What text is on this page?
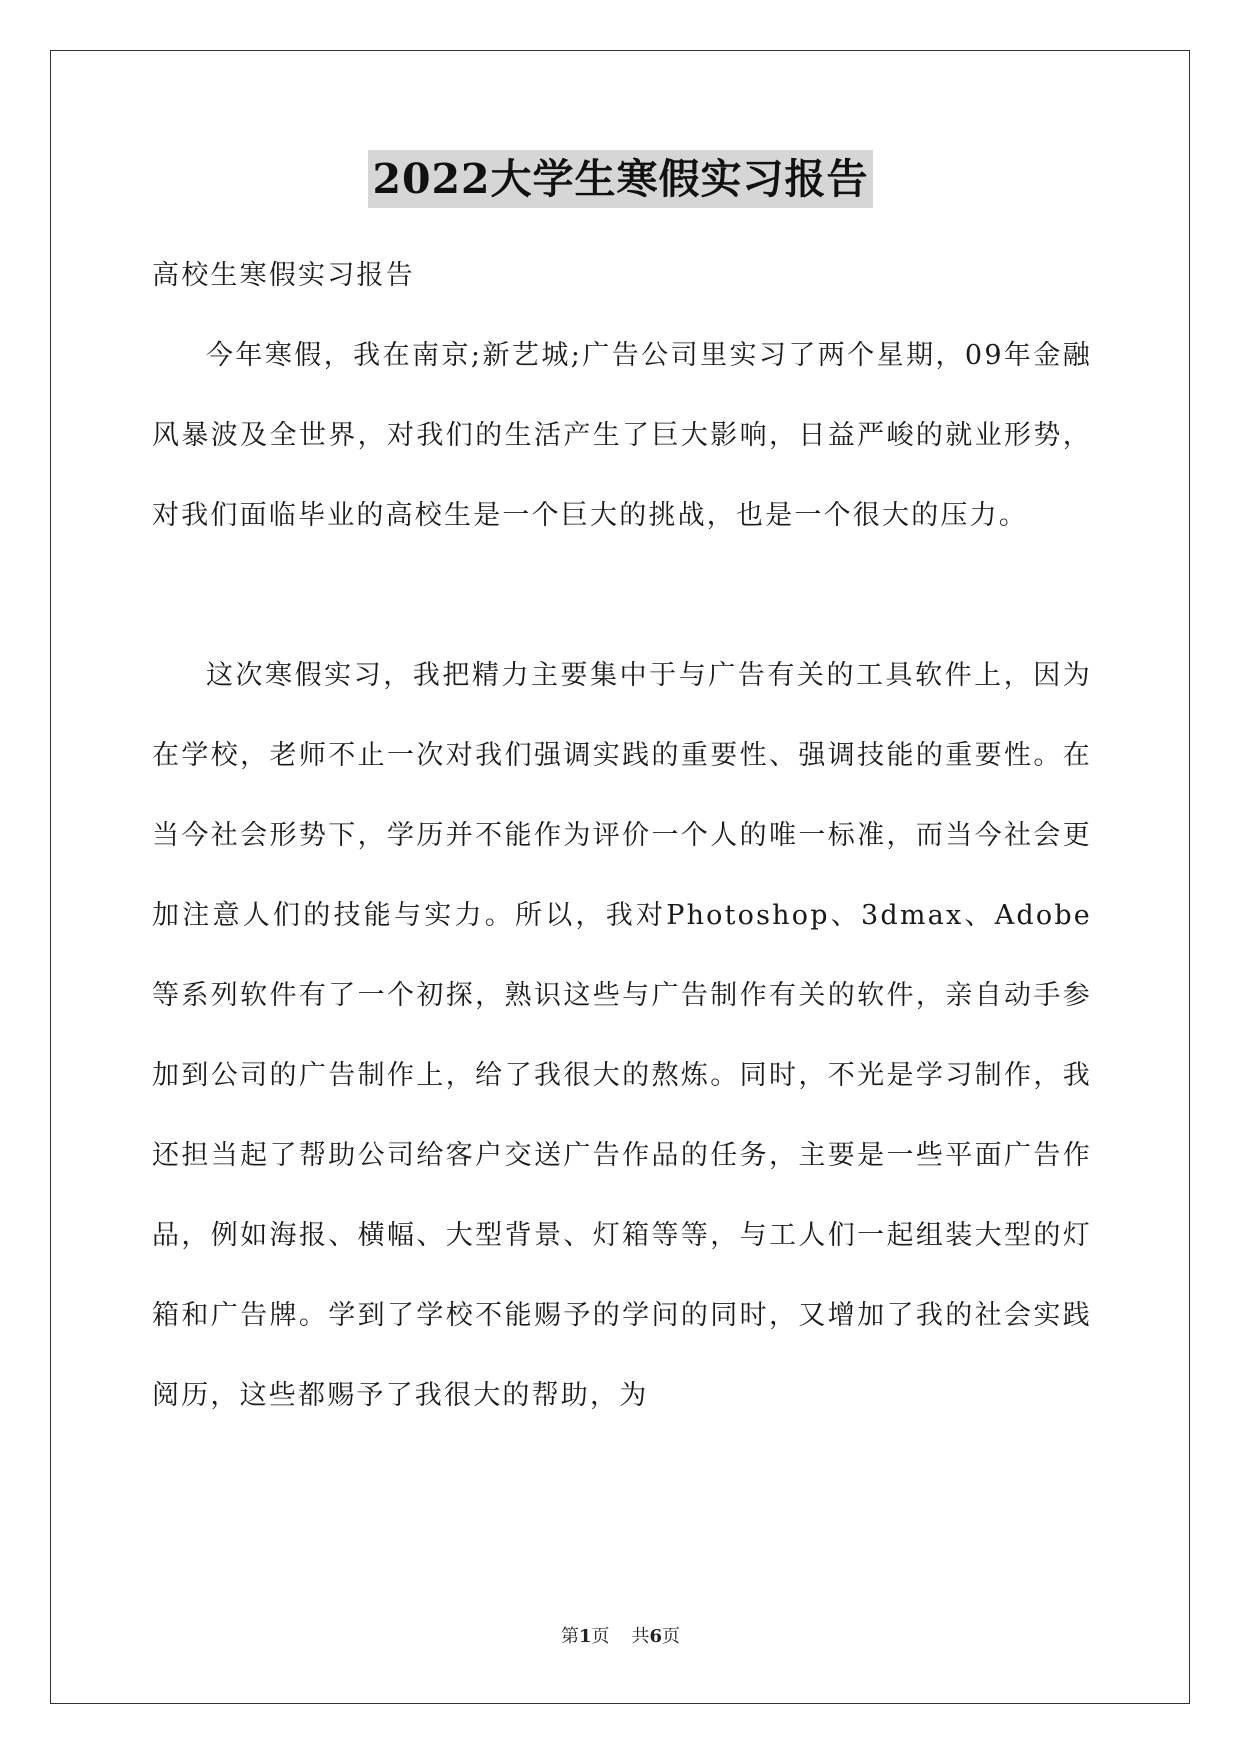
2022大学生寒假实习报告

高校生寒假实习报告

今年寒假，我在南京;新艺城;广告公司里实习了两个星期，09年金融风暴波及全世界，对我们的生活产生了巨大影响，日益严峻的就业形势，对我们面临毕业的高校生是一个巨大的挑战，也是一个很大的压力。

这次寒假实习，我把精力主要集中于与广告有关的工具软件上，因为在学校，老师不止一次对我们强调实践的重要性、强调技能的重要性。在当今社会形势下，学历并不能作为评价一个人的唯一标准，而当今社会更加注意人们的技能与实力。所以，我对Photoshop、3dmax、Adobe等系列软件有了一个初探，熟识这些与广告制作有关的软件，亲自动手参加到公司的广告制作上，给了我很大的熬炼。同时，不光是学习制作，我还担当起了帮助公司给客户交送广告作品的任务，主要是一些平面广告作品，例如海报、横幅、大型背景、灯箱等等，与工人们一起组装大型的灯箱和广告牌。学到了学校不能赐予的学问的同时，又增加了我的社会实践阅历，这些都赐予了我很大的帮助，为

第1页 共6页
